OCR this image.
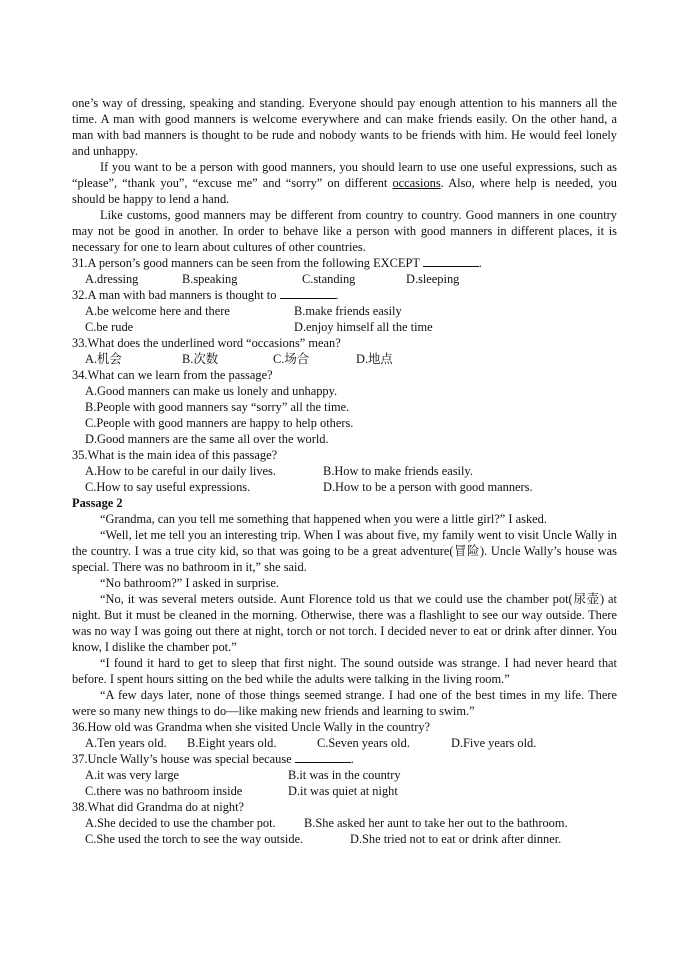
one’s way of dressing, speaking and standing. Everyone should pay enough attention to his manners all the time. A man with good manners is welcome everywhere and can make friends easily. On the other hand, a man with bad manners is thought to be rude and nobody wants to be friends with him. He would feel lonely and unhappy.

If you want to be a person with good manners, you should learn to use one useful expressions, such as “please”, “thank you”, “excuse me” and “sorry” on different occasions. Also, where help is needed, you should be happy to lend a hand.

Like customs, good manners may be different from country to country. Good manners in one country may not be good in another. In order to behave like a person with good manners in different places, it is necessary for one to learn about cultures of other countries.

31.A person’s good manners can be seen from the following EXCEPT	.

A.dressing	B.speaking	C.standing	D.sleeping

32.A man with bad manners is thought to	.

A.be welcome here and there	B.make friends easily
C.be rude	D.enjoy himself all the time

33.What does the underlined word “occasions” mean?

A.机会	B.次数	C.场合	D.地点

34.What can we learn from the passage?

A.Good manners can make us lonely and unhappy.

B.People with good manners say “sorry” all the time.

C.People with good manners are happy to help others.

D.Good manners are the same all over the world.

35.What is the main idea of this passage?

A.How to be careful in our daily lives.	B.How to make friends easily.
C.How to say useful expressions.	D.How to be a person with good manners.

Passage 2

“Grandma, can you tell me something that happened when you were a little girl?” I asked.

“Well, let me tell you an interesting trip. When I was about five, my family went to visit Uncle Wally in the country. I was a true city kid, so that was going to be a great adventure(冒险). Uncle Wally’s house was special. There was no bathroom in it,” she said.

“No bathroom?” I asked in surprise.

“No, it was several meters outside. Aunt Florence told us that we could use the chamber pot(尿壶) at night. But it must be cleaned in the morning. Otherwise, there was a flashlight to see our way outside. There was no way I was going out there at night, torch or not torch. I decided never to eat or drink after dinner. You know, I dislike the chamber pot.”

“I found it hard to get to sleep that first night. The sound outside was strange. I had never heard that before. I spent hours sitting on the bed while the adults were talking in the living room.”

“A few days later, none of those things seemed strange. I had one of the best times in my life. There were so many new things to do—like making new friends and learning to swim.”

36.How old was Grandma when she visited Uncle Wally in the country?

A.Ten years old.	B.Eight years old.	C.Seven years old.	D.Five years old.

37.Uncle Wally’s house was special because	.

A.it was very large	B.it was in the country
C.there was no bathroom inside	D.it was quiet at night

38.What did Grandma do at night?

A.She decided to use the chamber pot.	B.She asked her aunt to take her out to the bathroom.
C.She used the torch to see the way outside.	D.She tried not to eat or drink after dinner.
